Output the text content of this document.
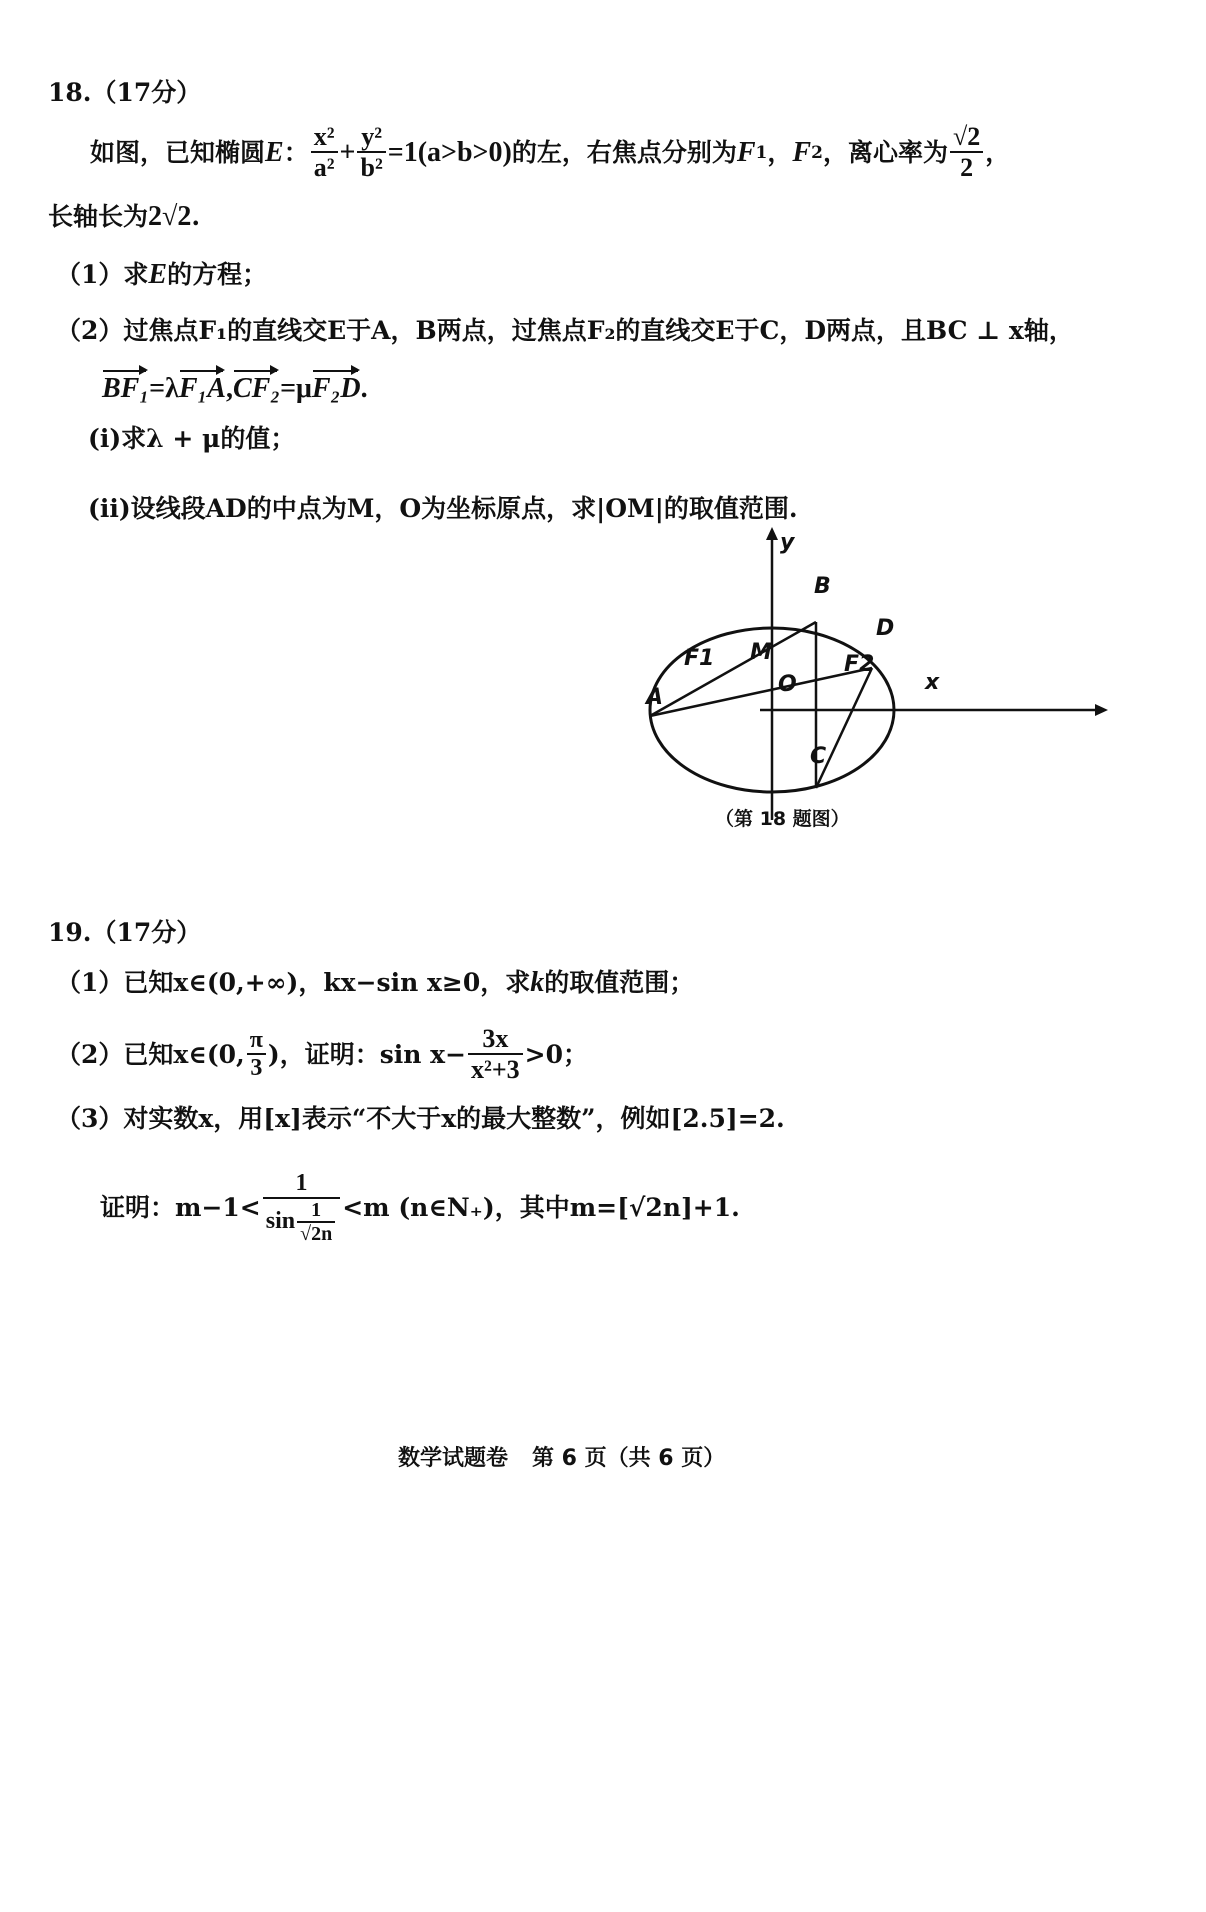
18.（17分）
如图，已知椭圆 E ： $\frac{\text{x²}}{\text{a²}} + \frac{\text{y²}}{\text{b²}} =1(a>b>0)$ 的左，右焦点分别为 F 1 ， F 2 ，离心率为 $\frac{√2}{2}$ ，
长轴长为2√2.
（1）求E的方程；
（2）过焦点F₁的直线交E于A，B两点，过焦点F₂的直线交E于C，D两点，且BC ⊥ x轴，
BF₁=λF₁A,CF₂=μF₂D.
(ⅰ)求λ + μ的值；
(ⅱ)设线段AD的中点为M，O为坐标原点，求|OM|的取值范围.
y
x
O
A
B
C
D
M
F1	F2
（第 18 题图）
19.（17分）
（1）已知x∈(0,+∞)，kx−sin x≥0，求k的取值范围；
（2） 已知x∈(0, $\frac{\pi}{3}$ )，证明：$\sin x- \frac{3x}{\text{x²+3}} >0$；
（3）对实数x，用[x]表示“不大于x的最大整数”，例如[2.5]=2.
证明：$m-1< \frac{1}{\sin \frac{1}{√2n}} <m$ (n∈N₊)，其中m=[√2n]+1.
数学试题卷 第 6 页（共 6 页）
